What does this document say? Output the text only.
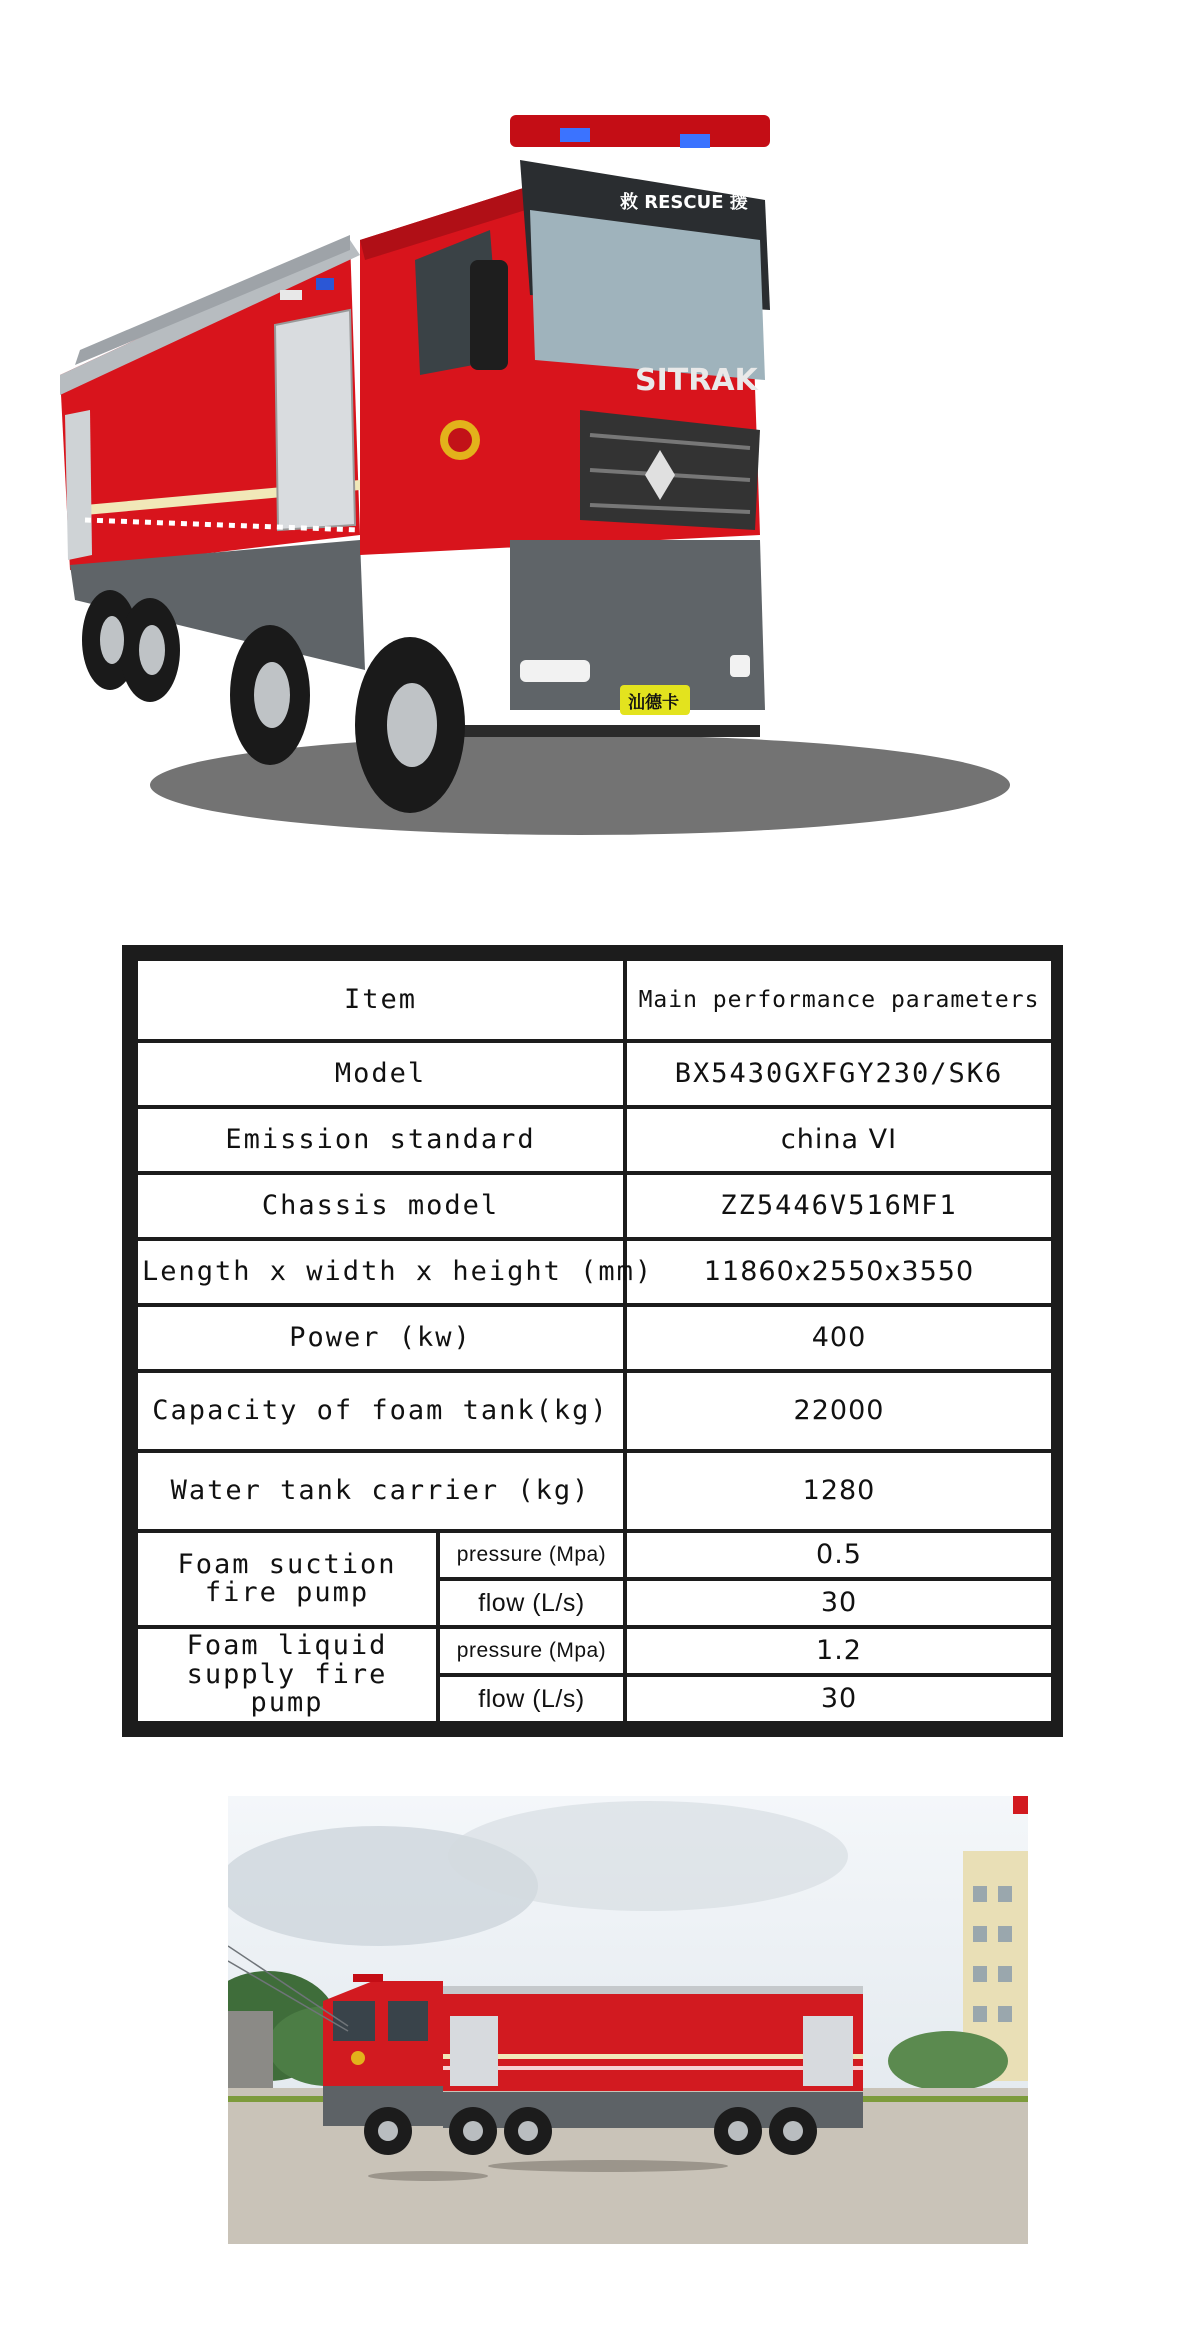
SITRAK
救 RESCUE 援
汕德卡
Item		Main performance parameters
Model		BX5430GXFGY230/SK6
Emission standard		china VI
Chassis model		ZZ5446V516MF1
Length x width x height (mm)		11860x2550x3550
Power (kw)		400
Capacity of foam tank(kg)		22000
Water tank carrier (kg)		1280
Foam suction fire pump	pressure (Mpa)	0.5
	flow (L/s)	30
Foam liquid supply fire pump	pressure (Mpa)	1.2
	flow (L/s)	30
